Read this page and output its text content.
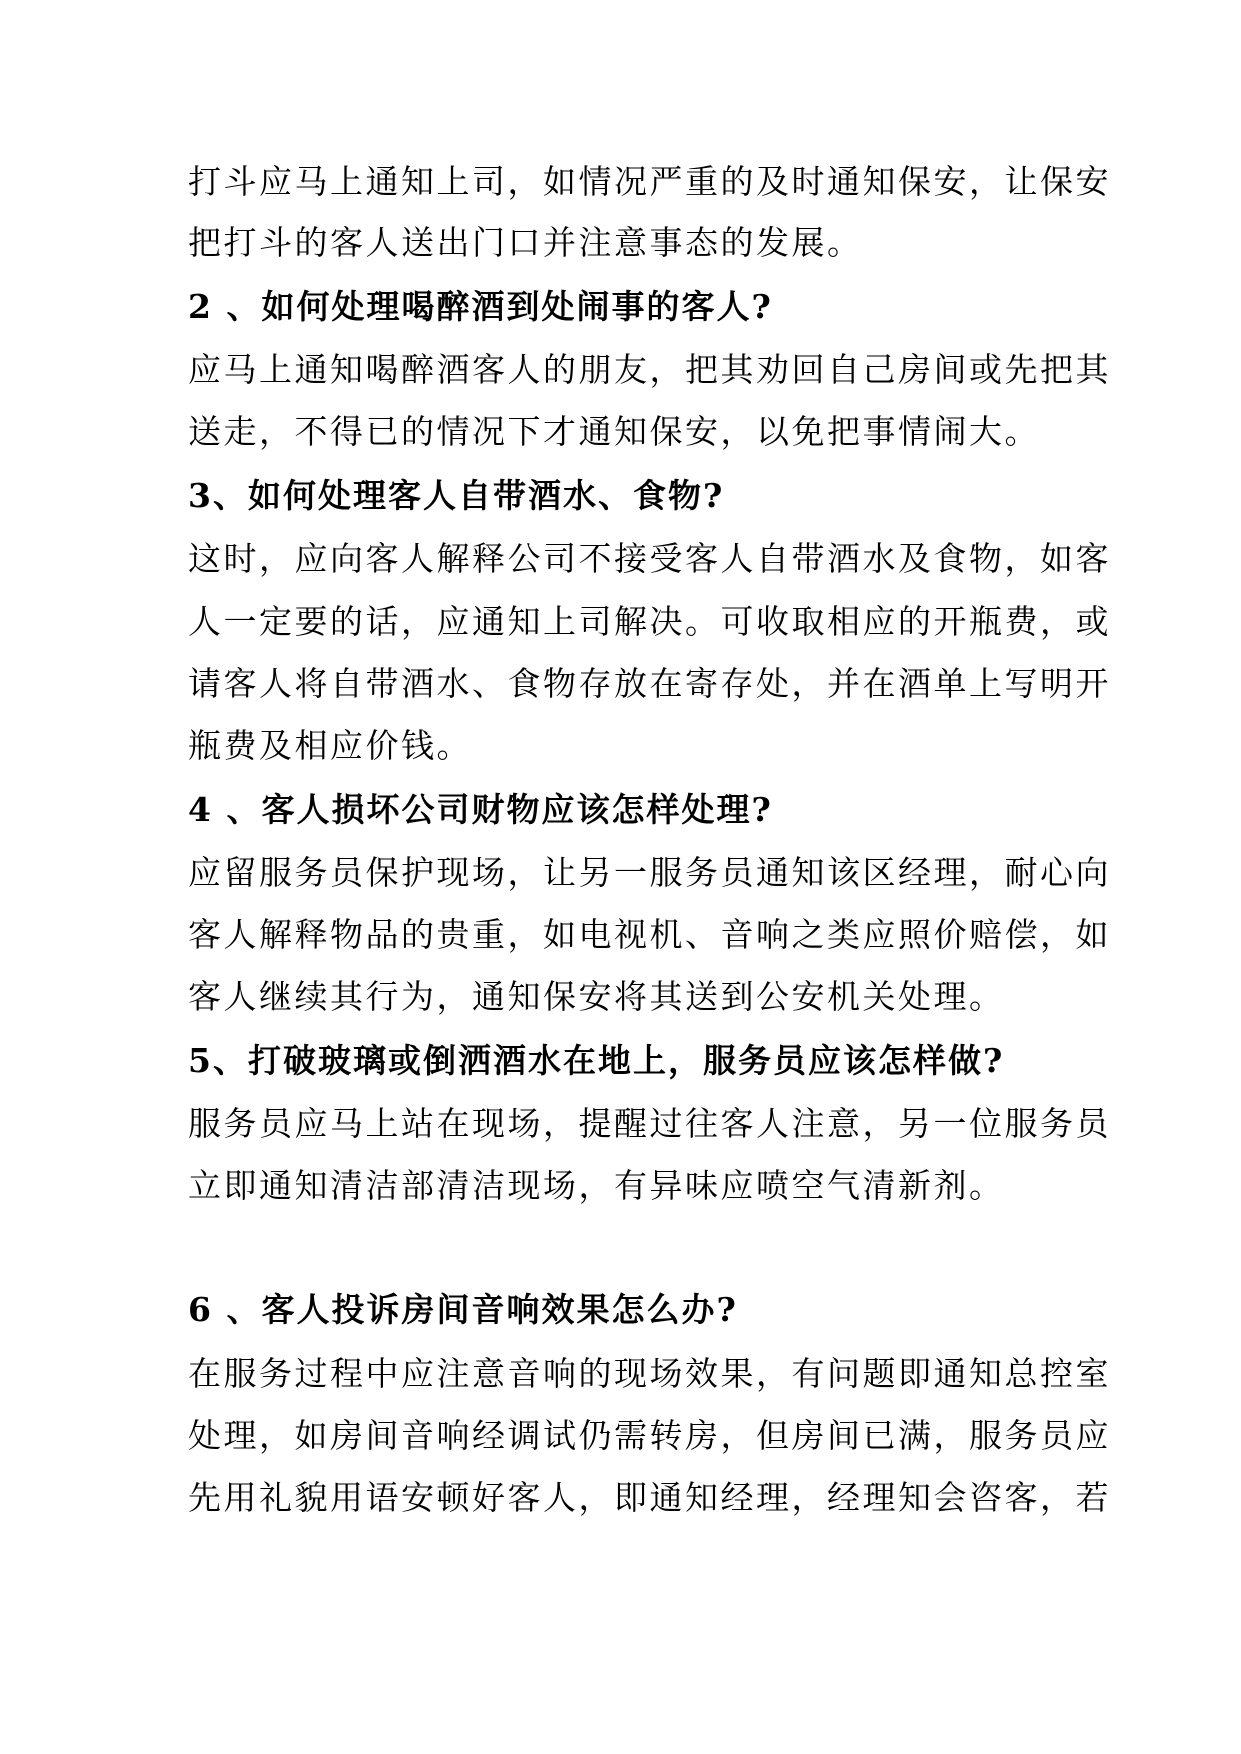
打斗应马上通知上司，如情况严重的及时通知保安，让保安
把打斗的客人送出门口并注意事态的发展。
2 、如何处理喝醉酒到处闹事的客人?
应马上通知喝醉酒客人的朋友，把其劝回自己房间或先把其
送走，不得已的情况下才通知保安，以免把事情闹大。
3、如何处理客人自带酒水、食物?
这时，应向客人解释公司不接受客人自带酒水及食物，如客
人一定要的话，应通知上司解决。可收取相应的开瓶费，或
请客人将自带酒水、食物存放在寄存处，并在酒单上写明开
瓶费及相应价钱。
4 、客人损坏公司财物应该怎样处理?
应留服务员保护现场，让另一服务员通知该区经理，耐心向
客人解释物品的贵重，如电视机、音响之类应照价赔偿，如
客人继续其行为，通知保安将其送到公安机关处理。
5、打破玻璃或倒洒酒水在地上，服务员应该怎样做?
服务员应马上站在现场，提醒过往客人注意，另一位服务员
立即通知清洁部清洁现场，有异味应喷空气清新剂。
6 、客人投诉房间音响效果怎么办?
在服务过程中应注意音响的现场效果，有问题即通知总控室
处理，如房间音响经调试仍需转房，但房间已满，服务员应
先用礼貌用语安顿好客人，即通知经理，经理知会咨客，若
